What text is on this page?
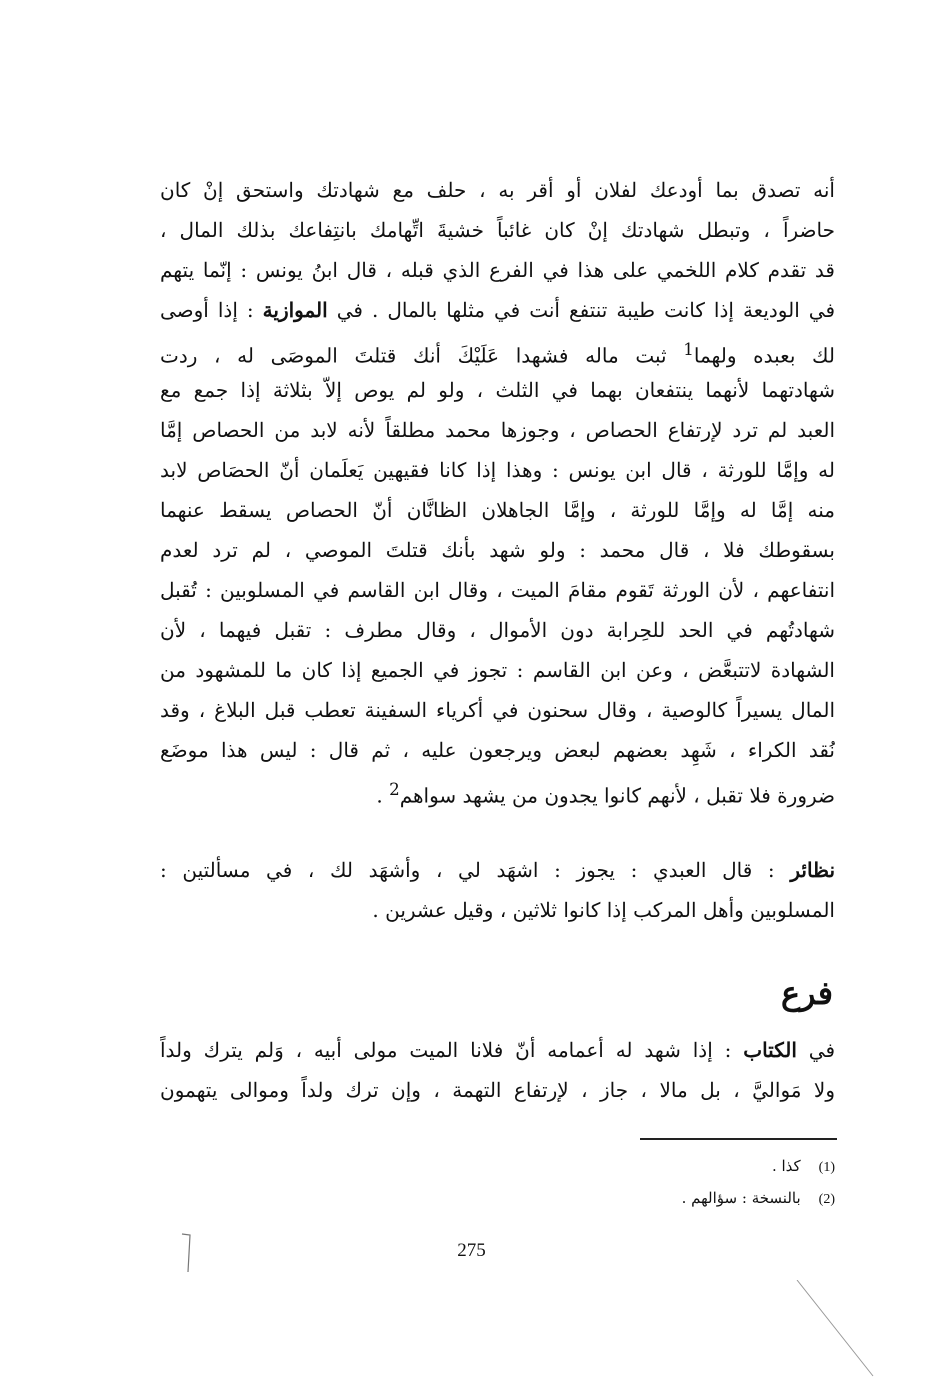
أنه تصدق بما أودعك لفلان أو أقر به ، حلف مع شهادتك واستحق إنْ كان
حاضراً ، وتبطل شهادتك إنْ كان غائباً خشيةَ اتِّهامك بانتِفاعك بذلك المال ،
قد تقدم كلام اللخمي على هذا في الفرع الذي قبله ، قال ابنُ يونس : إنّما يتهم
في الوديعة إذا كانت طيبة تنتفع أنت في مثلها بالمال . في الموازية : إذا أوصى
لك بعبده ولهما$^1$ ثبت ماله فشهدا عَلَيْكَ أنك قتلتَ الموصَى له ، ردت
شهادتهما لأنهما ينتفعان بهما في الثلث ، ولو لم يوص إلاّ بثلاثة إذا جمع مع
العبد لم ترد لإرتفاع الحصاص ، وجوزها محمد مطلقاً لأنه لابد من الحصاص إمَّا
له وإمَّا للورثة ، قال ابن يونس : وهذا إذا كانا فقيهين يَعلَمان أنّ الحصَاص لابد
منه إمَّا له وإمَّا للورثة ، وإمَّا الجاهلان الظانَّان أنّ الحصاص يسقط عنهما
بسقوطك فلا ، قال محمد : ولو شهد بأنك قتلتَ الموصي ، لم ترد لعدم
انتفاعهم ، لأن الورثة تَقوم مقامَ الميت ، وقال ابن القاسم في المسلوبين : تُقبل
شهادتُهم في الحد للحِرابة دون الأموال ، وقال مطرف : تقبل فيهما ، لأن
الشهادة لاتتبعَّض ، وعن ابن القاسم : تجوز في الجميع إذا كان ما للمشهود من
المال يسيراً كالوصية ، وقال سحنون في أكرياء السفينة تعطب قبل البلاغ ، وقد
نُقد الكراء ، شَهِد بعضهم لبعض ويرجعون عليه ، ثم قال : ليس هذا موضَع
ضرورة فلا تقبل ، لأنهم كانوا يجدون من يشهد سواهم$^2$ .
نظائر : قال العبدي : يجوز : اشهَد لي ، وأشهَد لك ، في مسألتين :
المسلوبين وأهل المركب إذا كانوا ثلاثين ، وقيل عشرين .
فرع
في الكتاب : إذا شهد له أعمامه أنّ فلانا الميت مولى أبيه ، وَلم يترك ولداً
ولا مَواليَّ ، بل مالا ، جاز ، لإرتفاع التهمة ، وإن ترك ولداً وموالى يتهمون
(1)كذا .
(2)بالنسخة : سؤالهم .
275
